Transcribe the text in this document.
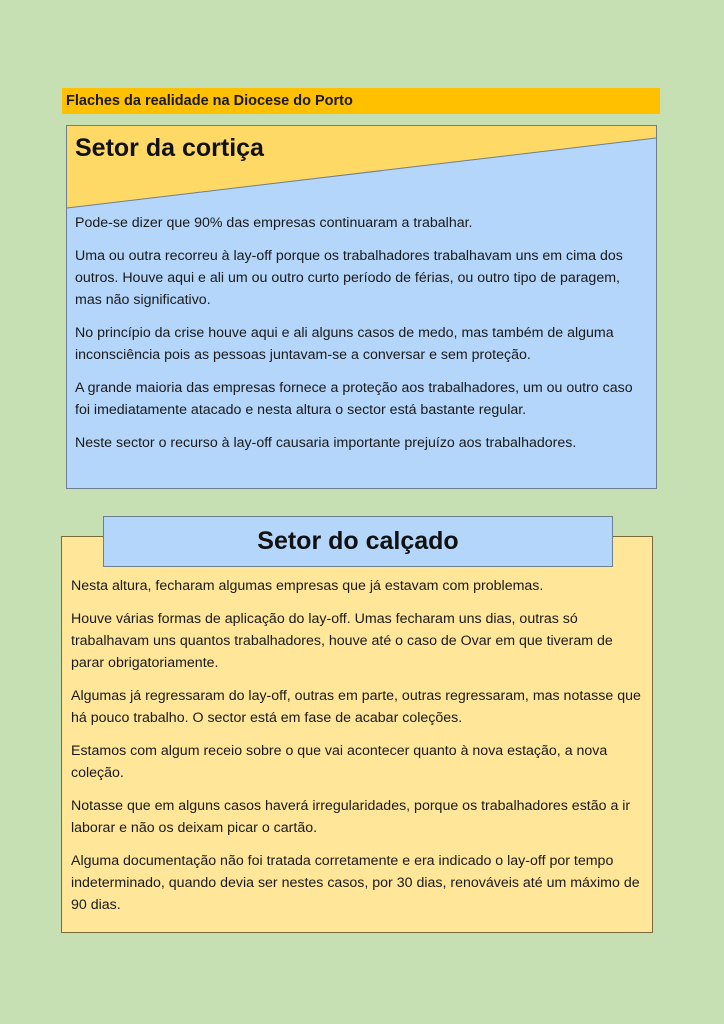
Flaches da realidade na Diocese do Porto
Setor da cortiça

Pode-se dizer que 90% das empresas continuaram a trabalhar.

Uma ou outra recorreu à lay-off porque os trabalhadores trabalhavam uns em cima dos outros. Houve aqui e ali um ou outro curto período de férias, ou outro tipo de paragem, mas não significativo.

No princípio da crise houve aqui e ali alguns casos de medo, mas também de alguma inconsciência pois as pessoas juntavam-se a conversar e sem proteção.

A grande maioria das empresas fornece a proteção aos trabalhadores, um ou outro caso foi imediatamente atacado e nesta altura o sector está bastante regular.

Neste sector o recurso à lay-off causaria importante prejuízo aos trabalhadores.

Nesta altura, fecharam algumas empresas que já estavam com problemas.

Houve várias formas de aplicação do lay-off. Umas fecharam uns dias, outras só trabalhavam uns quantos trabalhadores, houve até o caso de Ovar em que tiveram de parar obrigatoriamente.

Algumas já regressaram do lay-off, outras em parte, outras regressaram, mas notasse que há pouco trabalho. O sector está em fase de acabar coleções.

Estamos com algum receio sobre o que vai acontecer quanto à nova estação, a nova coleção.

Notasse que em alguns casos haverá irregularidades, porque os trabalhadores estão a ir laborar e não os deixam picar o cartão.

Alguma documentação não foi tratada corretamente e era indicado o lay-off por tempo indeterminado, quando devia ser nestes casos, por 30 dias, renováveis até um máximo de 90 dias.

Setor do calçado
